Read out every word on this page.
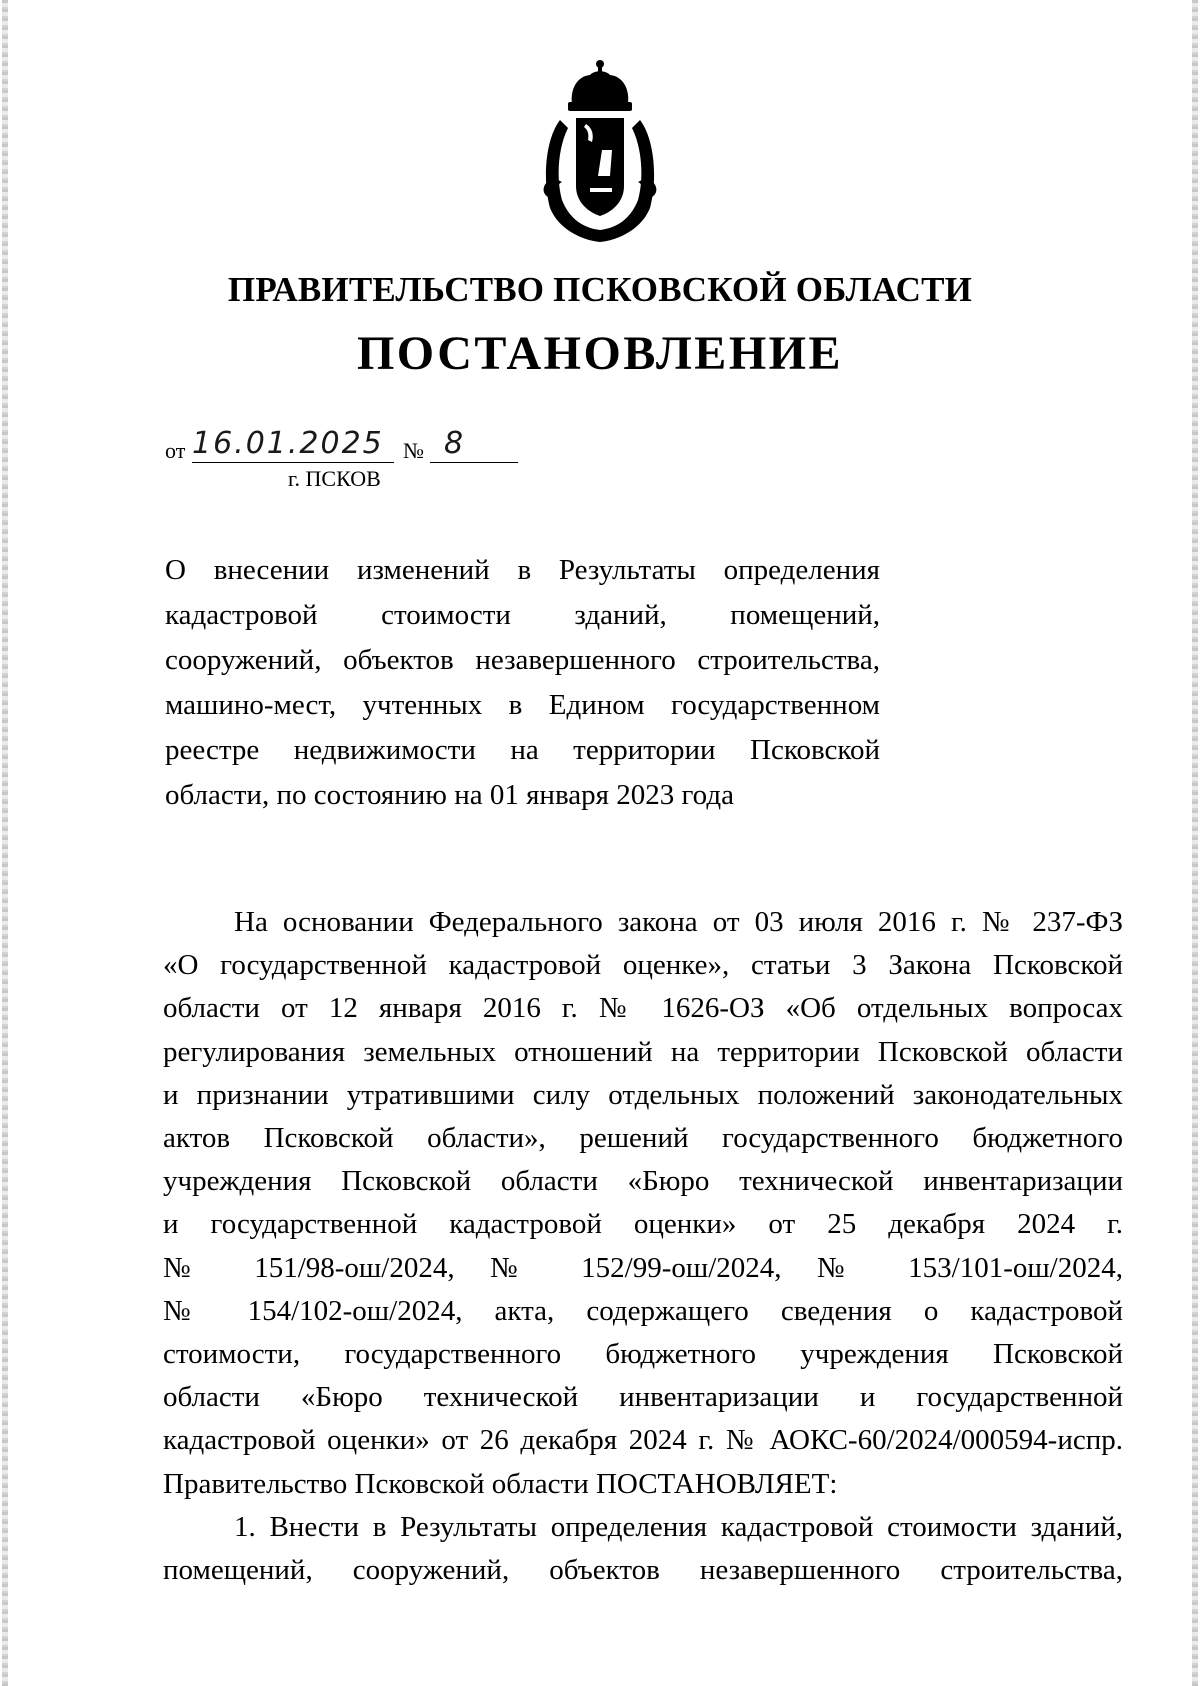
ПРАВИТЕЛЬСТВО ПСКОВСКОЙ ОБЛАСТИ
ПОСТАНОВЛЕНИЕ
от 16.01.2025 № 8
г. ПСКОВ
О внесении изменений в Результаты определения
кадастровой стоимости зданий, помещений,
сооружений, объектов незавершенного строительства,
машино-мест, учтенных в Едином государственном
реестре недвижимости на территории Псковской
области, по состоянию на 01 января 2023 года
На основании Федерального закона от 03 июля 2016 г. № 237-ФЗ
«О государственной кадастровой оценке», статьи 3 Закона Псковской
области от 12 января 2016 г. № 1626-ОЗ «Об отдельных вопросах
регулирования земельных отношений на территории Псковской области
и признании утратившими силу отдельных положений законодательных
актов Псковской области», решений государственного бюджетного
учреждения Псковской области «Бюро технической инвентаризации
и государственной кадастровой оценки» от 25 декабря 2024 г.
№ 151/98-ош/2024, № 152/99-ош/2024, № 153/101-ош/2024,
№ 154/102-ош/2024, акта, содержащего сведения о кадастровой
стоимости, государственного бюджетного учреждения Псковской
области «Бюро технической инвентаризации и государственной
кадастровой оценки» от 26 декабря 2024 г. № АОКС-60/2024/000594-испр.
Правительство Псковской области ПОСТАНОВЛЯЕТ:
1. Внести в Результаты определения кадастровой стоимости зданий,
помещений, сооружений, объектов незавершенного строительства,
